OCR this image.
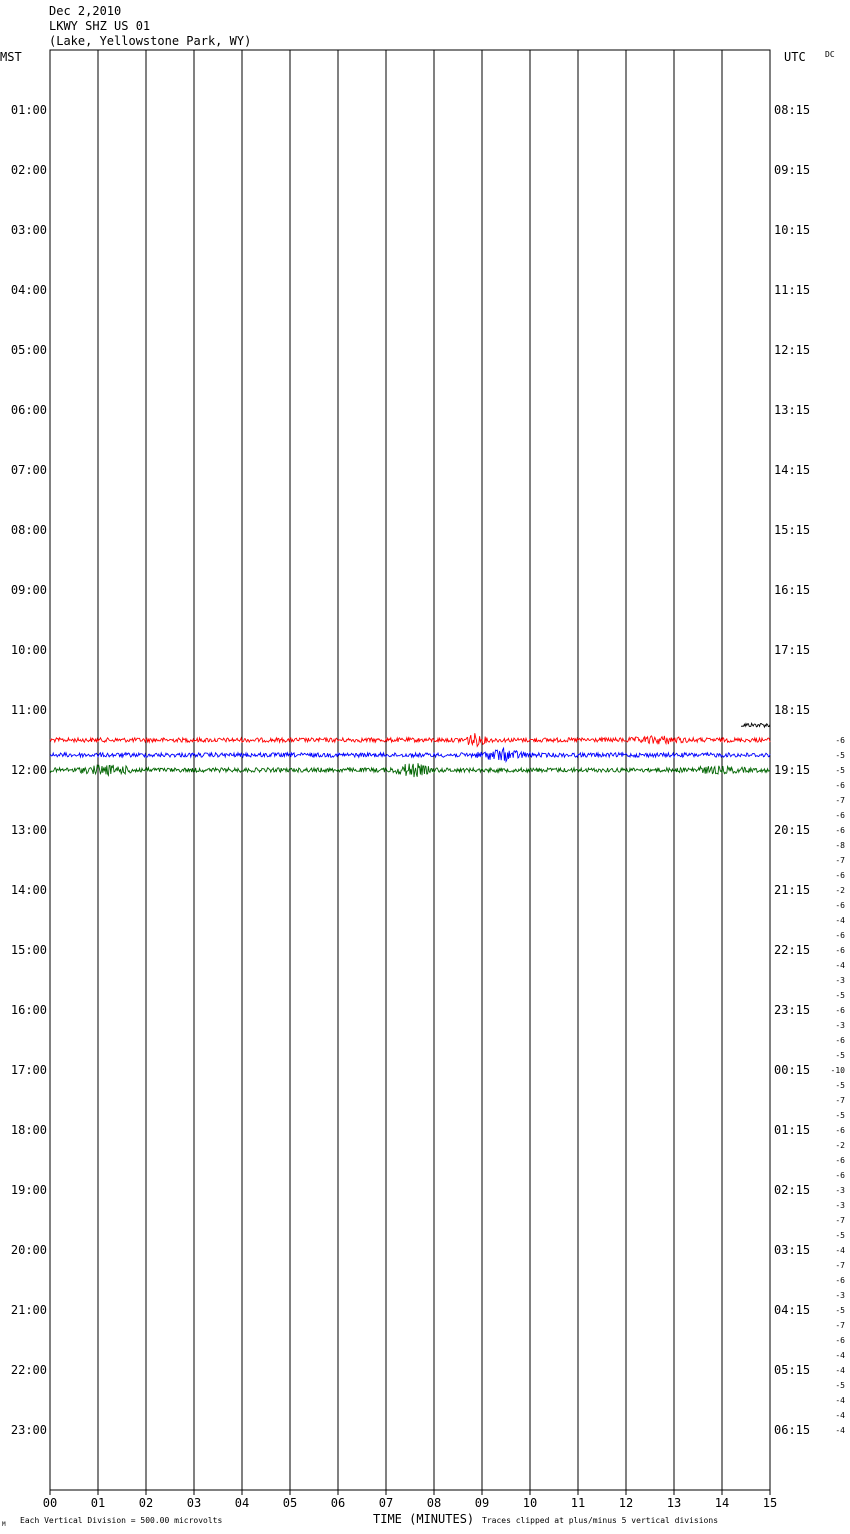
Dec 2,2010
LKWY SHZ US 01
(Lake, Yellowstone Park, WY)
01:00
02:00
03:00
04:00
05:00
06:00
07:00
08:00
09:00
10:00
11:00
12:00
13:00
14:00
15:00
16:00
17:00
18:00
19:00
20:00
21:00
22:00
23:00
08:15
09:15
10:15
11:15
12:15
13:15
14:15
15:15
16:15
17:15
18:15
19:15
20:15
21:15
22:15
23:15
00:15
01:15
02:15
03:15
04:15
05:15
06:15
-6
-5
-5
-6
-7
-6
-6
-8
-7
-6
-2
-6
-4
-6
-6
-4
-3
-5
-6
-3
-6
-5
-10
-5
-7
-5
-6
-2
-6
-6
-3
-3
-7
-5
-4
-7
-6
-3
-5
-7
-6
-4
-4
-5
-4
-4
-4
00	01	02	03	04	05	06	07	08	09	10	11	12	13	14	15
MST	UTC DC
TIME (MINUTES)
Each Vertical Division = 500.00 microvolts	Traces clipped at plus/minus 5 vertical divisions
M
